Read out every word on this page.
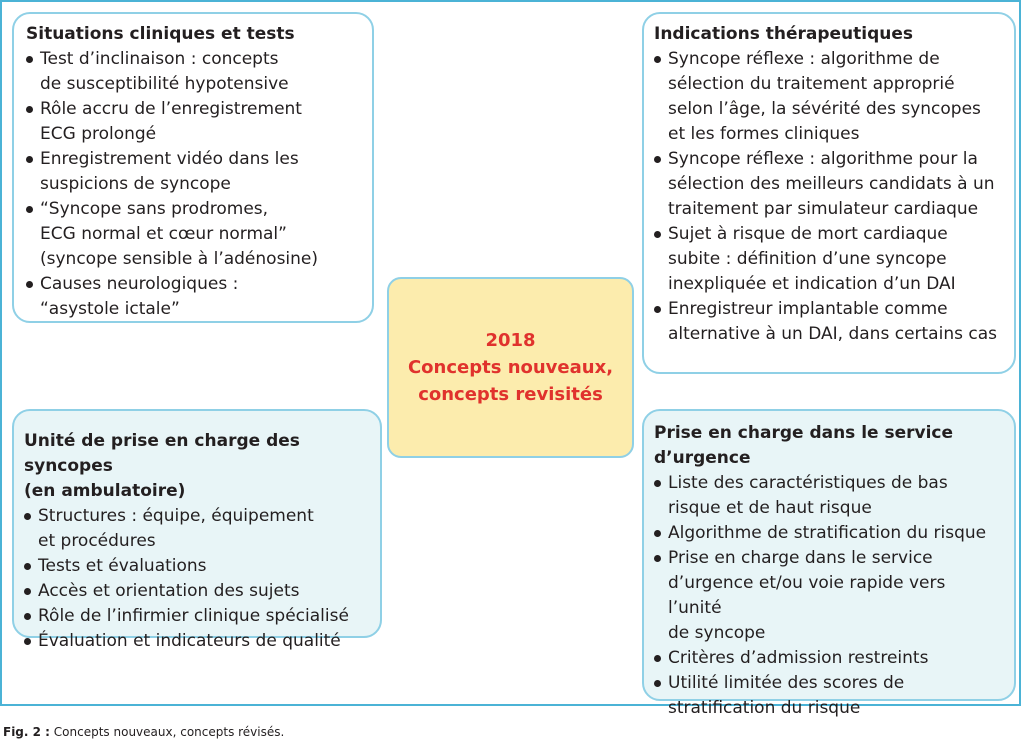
Situations cliniques et tests
Test d’inclinaison : concepts
de susceptibilité hypotensive
Rôle accru de l’enregistrement
ECG prolongé
Enregistrement vidéo dans les
suspicions de syncope
“Syncope sans prodromes,
ECG normal et cœur normal”
(syncope sensible à l’adénosine)
Causes neurologiques :
“asystole ictale”
Indications thérapeutiques
Syncope réflexe : algorithme de
sélection du traitement approprié
selon l’âge, la sévérité des syncopes
et les formes cliniques
Syncope réflexe : algorithme pour la
sélection des meilleurs candidats à un
traitement par simulateur cardiaque
Sujet à risque de mort cardiaque
subite : définition d’une syncope
inexpliquée et indication d’un DAI
Enregistreur implantable comme
alternative à un DAI, dans certains cas
2018
Concepts nouveaux,
concepts revisités
Unité de prise en charge des syncopes
(en ambulatoire)
Structures : équipe, équipement
et procédures
Tests et évaluations
Accès et orientation des sujets
Rôle de l’infirmier clinique spécialisé
Évaluation et indicateurs de qualité
Prise en charge dans le service
d’urgence
Liste des caractéristiques de bas
risque et de haut risque
Algorithme de stratification du risque
Prise en charge dans le service
d’urgence et/ou voie rapide vers l’unité
de syncope
Critères d’admission restreints
Utilité limitée des scores de
stratification du risque
Fig. 2 : Concepts nouveaux, concepts révisés.
